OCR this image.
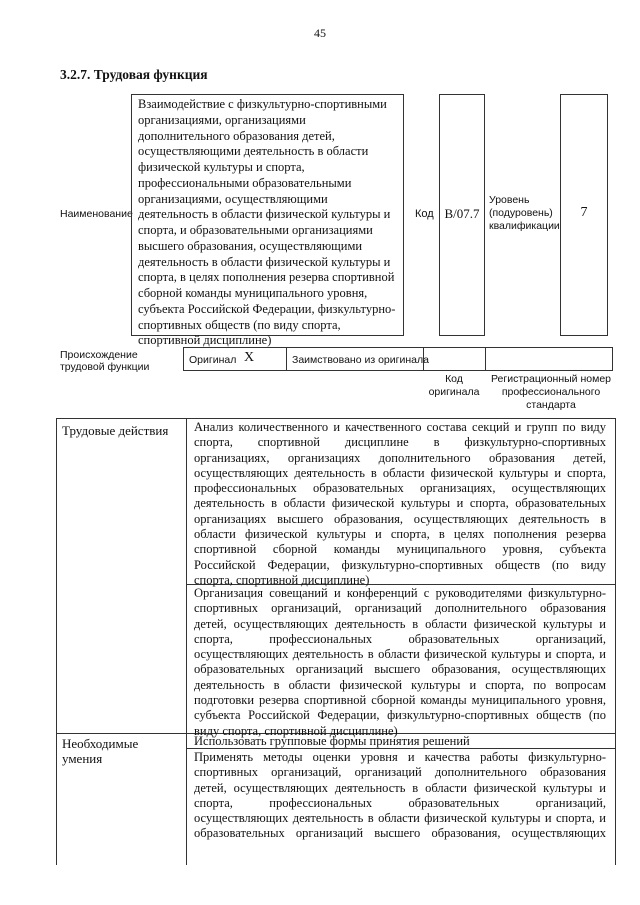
45
3.2.7. Трудовая функция
Наименование

Взаимодействие с физкультурно-спортивными
организациями, организациями
дополнительного образования детей,
осуществляющими деятельность в области
физической культуры и спорта,
профессиональными образовательными
организациями, осуществляющими
деятельность в области физической культуры и
спорта, и образовательными организациями
высшего образования, осуществляющими
деятельность в области физической культуры и
спорта, в целях пополнения резерва спортивной
сборной команды муниципального уровня,
субъекта Российской Федерации, физкультурно-
спортивных обществ (по виду спорта,
спортивной дисциплине)

Код B/07.7
Уровень (подуровень) квалификации
7
Происхождение трудовой функции
Оригинал X	Заимствовано из оригинала
Код оригинала
Регистрационный номер профессионального стандарта
Трудовые действия
Необходимые умения

Анализ количественного и качественного состава секций и групп по виду
спорта, спортивной дисциплине в физкультурно-спортивных
организациях, организациях дополнительного образования детей,
осуществляющих деятельность в области физической культуры и спорта,
профессиональных образовательных организациях, осуществляющих
деятельность в области физической культуры и спорта, образовательных
организациях высшего образования, осуществляющих деятельность в
области физической культуры и спорта, в целях пополнения резерва
спортивной сборной команды муниципального уровня, субъекта
Российской Федерации, физкультурно-спортивных обществ (по виду
спорта, спортивной дисциплине)

Организация совещаний и конференций с руководителями физкультурно-
спортивных организаций, организаций дополнительного образования
детей, осуществляющих деятельность в области физической культуры и
спорта, профессиональных образовательных организаций,
осуществляющих деятельность в области физической культуры и спорта, и
образовательных организаций высшего образования, осуществляющих
деятельность в области физической культуры и спорта, по вопросам
подготовки резерва спортивной сборной команды муниципального уровня,
субъекта Российской Федерации, физкультурно-спортивных обществ (по
виду спорта, спортивной дисциплине)

Использовать групповые формы принятия решений

Применять методы оценки уровня и качества работы физкультурно-
спортивных организаций, организаций дополнительного образования
детей, осуществляющих деятельность в области физической культуры и
спорта, профессиональных образовательных организаций,
осуществляющих деятельность в области физической культуры и спорта, и
образовательных организаций высшего образования, осуществляющих
